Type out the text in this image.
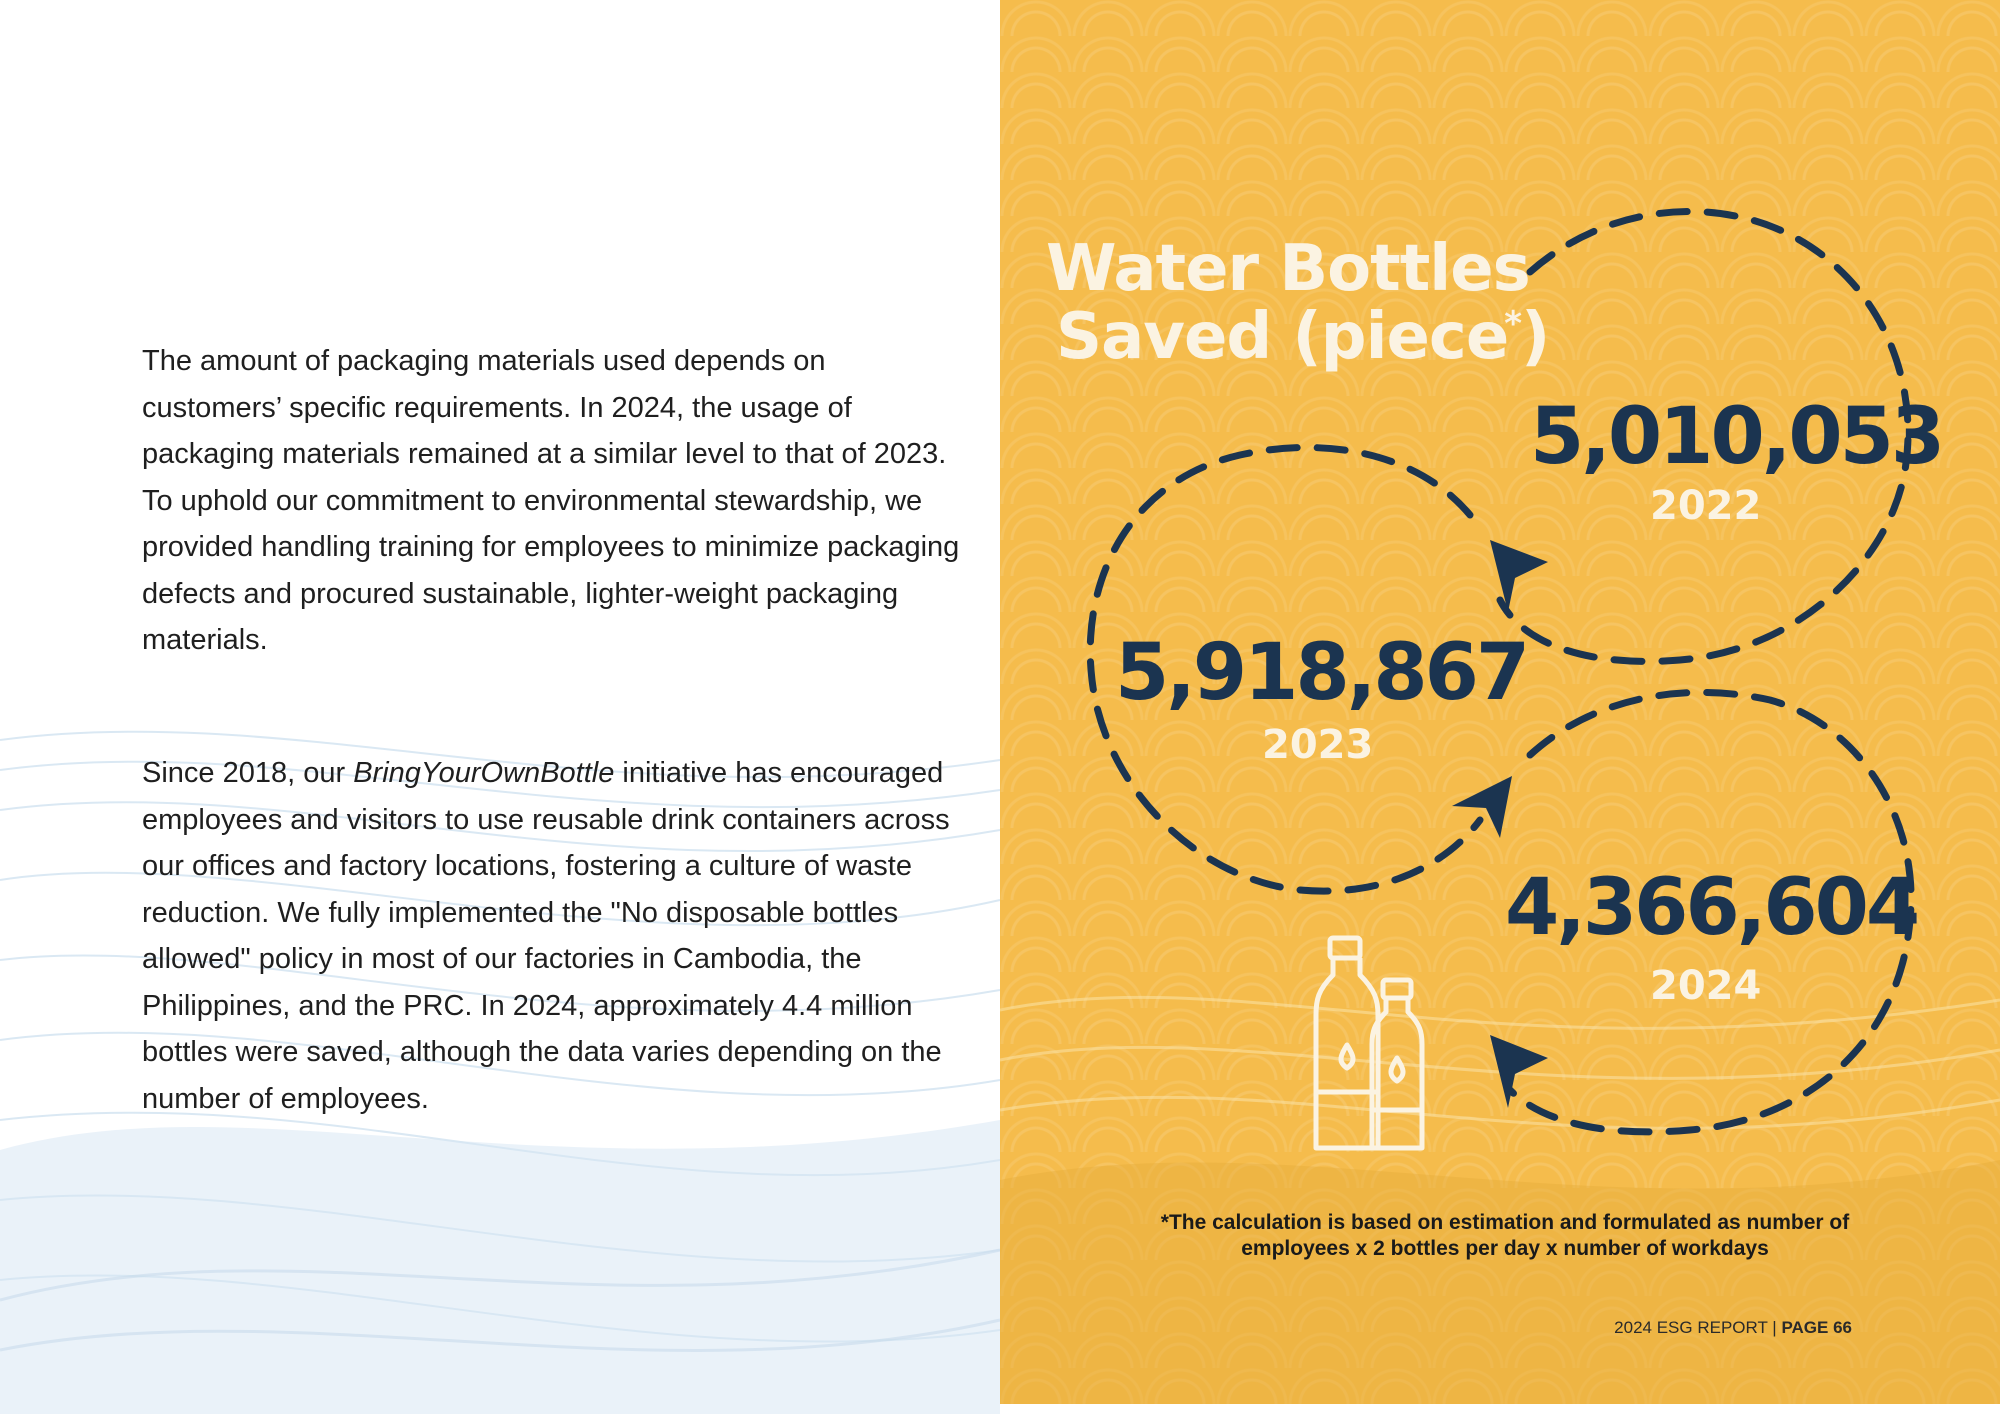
The amount of packaging materials used depends on customers’ specific requirements. In 2024, the usage of packaging materials remained at a similar level to that of 2023. To uphold our commitment to environmental stewardship, we provided handling training for employees to minimize packaging defects and procured sustainable, lighter-weight packaging materials.

Since 2018, our BringYourOwnBottle initiative has encouraged employees and visitors to use reusable drink containers across our offices and factory locations, fostering a culture of waste reduction. We fully implemented the "No disposable bottles allowed" policy in most of our factories in Cambodia, the Philippines, and the PRC. In 2024, approximately 4.4 million bottles were saved, although the data varies depending on the number of employees.

Water Bottles
Saved (piece*)
5,010,053
2022
5,918,867
2023
4,366,604
2024
*The calculation is based on estimation and formulated as number of
employees x 2 bottles per day x number of workdays
2024 ESG REPORT | PAGE 66
